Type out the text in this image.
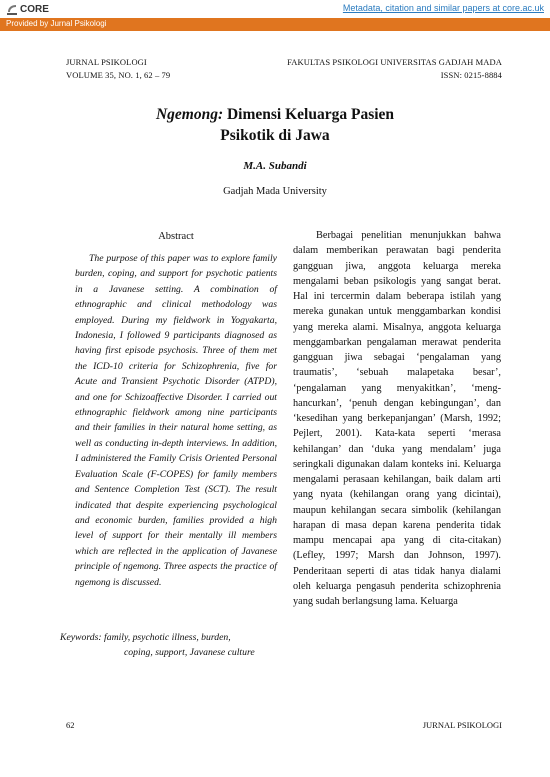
CORE	Metadata, citation and similar papers at core.ac.uk
Provided by Jurnal Psikologi
JURNAL PSIKOLOGI
VOLUME 35, NO. 1, 62 – 79
FAKULTAS PSIKOLOGI UNIVERSITAS GADJAH MADA
ISSN: 0215-8884
Ngemong: Dimensi Keluarga Pasien
Psikotik di Jawa
M.A. Subandi
Gadjah Mada University
Abstract

The purpose of this paper was to explore family burden, coping, and support for psychotic patients in a Javanese setting. A combination of ethnographic and clinical methodology was employed. During my fieldwork in Yogyakarta, Indonesia, I followed 9 participants diagnosed as having first episode psychosis. Three of them met the ICD-10 criteria for Schizophrenia, five for Acute and Transient Psychotic Disorder (ATPD), and one for Schizoaffective Disorder. I carried out ethnographic fieldwork among nine participants and their families in their natural home setting, as well as conducting in-depth interviews. In addition, I administered the Family Crisis Oriented Personal Evaluation Scale (F-COPES) for family members and Sentence Completion Test (SCT). The result indicated that despite experiencing psychological and economic burden, families provided a high level of support for their mentally ill members which are reflected in the application of Javanese principle of ngemong. Three aspects the practice of ngemong is discussed.

Keywords: family, psychotic illness, burden,
coping, support, Javanese culture

Berbagai penelitian menunjukkan bahwa dalam memberikan perawatan bagi penderita gangguan jiwa, anggota keluarga mereka mengalami beban psikologis yang sangat berat. Hal ini tercermin dalam beberapa istilah yang mereka gunakan untuk menggambarkan kondisi yang mereka alami. Misalnya, anggota keluarga menggambarkan pengalaman merawat penderita gangguan jiwa sebagai ‘pengalaman yang traumatis’, ‘sebuah malapetaka besar’, ‘pengalaman yang menyakitkan’, ‘menghancurkan’, ‘penuh dengan kebingungan’, dan ‘kesedihan yang berkepanjangan’ (Marsh, 1992; Pejlert, 2001). Kata-kata seperti ‘merasa kehilangan’ dan ‘duka yang mendalam’ juga seringkali digunakan dalam konteks ini. Keluarga mengalami perasaan kehilangan, baik dalam arti yang nyata (kehilangan orang yang dicintai), maupun kehilangan secara simbolik (kehilangan harapan di masa depan karena penderita tidak mampu mencapai apa yang di cita-citakan) (Lefley, 1997; Marsh dan Johnson, 1997). Penderitaan seperti di atas tidak hanya dialami oleh keluarga pengasuh penderita schizophrenia yang sudah berlangsung lama. Keluarga

62	JURNAL PSIKOLOGI
